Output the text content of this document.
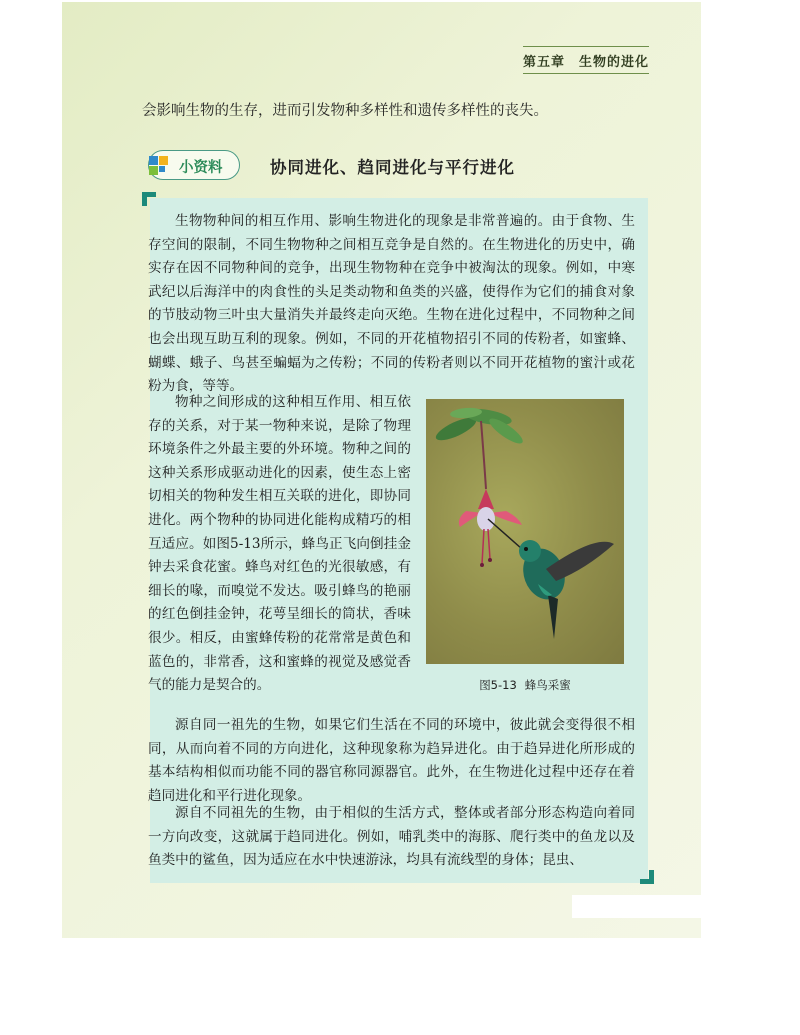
第五章　生物的进化
会影响生物的生存，进而引发物种多样性和遗传多样性的丧失。
小资料	协同进化、趋同进化与平行进化

生物物种间的相互作用、影响生物进化的现象是非常普遍的。由于食物、生存空间的限制，不同生物物种之间相互竞争是自然的。在生物进化的历史中，确实存在因不同物种间的竞争，出现生物物种在竞争中被淘汰的现象。例如，中寒武纪以后海洋中的肉食性的头足类动物和鱼类的兴盛，使得作为它们的捕食对象的节肢动物三叶虫大量消失并最终走向灭绝。生物在进化过程中，不同物种之间也会出现互助互利的现象。例如，不同的开花植物招引不同的传粉者，如蜜蜂、蝴蝶、蛾子、鸟甚至蝙蝠为之传粉；不同的传粉者则以不同开花植物的蜜汁或花粉为食，等等。

物种之间形成的这种相互作用、相互依存的关系，对于某一物种来说，是除了物理环境条件之外最主要的外环境。物种之间的这种关系形成驱动进化的因素，使生态上密切相关的物种发生相互关联的进化，即协同进化。两个物种的协同进化能构成精巧的相互适应。如图5-13所示，蜂鸟正飞向倒挂金钟去采食花蜜。蜂鸟对红色的光很敏感，有细长的喙，而嗅觉不发达。吸引蜂鸟的艳丽的红色倒挂金钟，花萼呈细长的筒状，香味很少。相反，由蜜蜂传粉的花常常是黄色和蓝色的，非常香，这和蜜蜂的视觉及感觉香气的能力是契合的。	图5-13 蜂鸟采蜜

源自同一祖先的生物，如果它们生活在不同的环境中，彼此就会变得很不相同，从而向着不同的方向进化，这种现象称为趋异进化。由于趋异进化所形成的基本结构相似而功能不同的器官称同源器官。此外，在生物进化过程中还存在着趋同进化和平行进化现象。

源自不同祖先的生物，由于相似的生活方式，整体或者部分形态构造向着同一方向改变，这就属于趋同进化。例如，哺乳类中的海豚、爬行类中的鱼龙以及鱼类中的鲨鱼，因为适应在水中快速游泳，均具有流线型的身体；昆虫、
